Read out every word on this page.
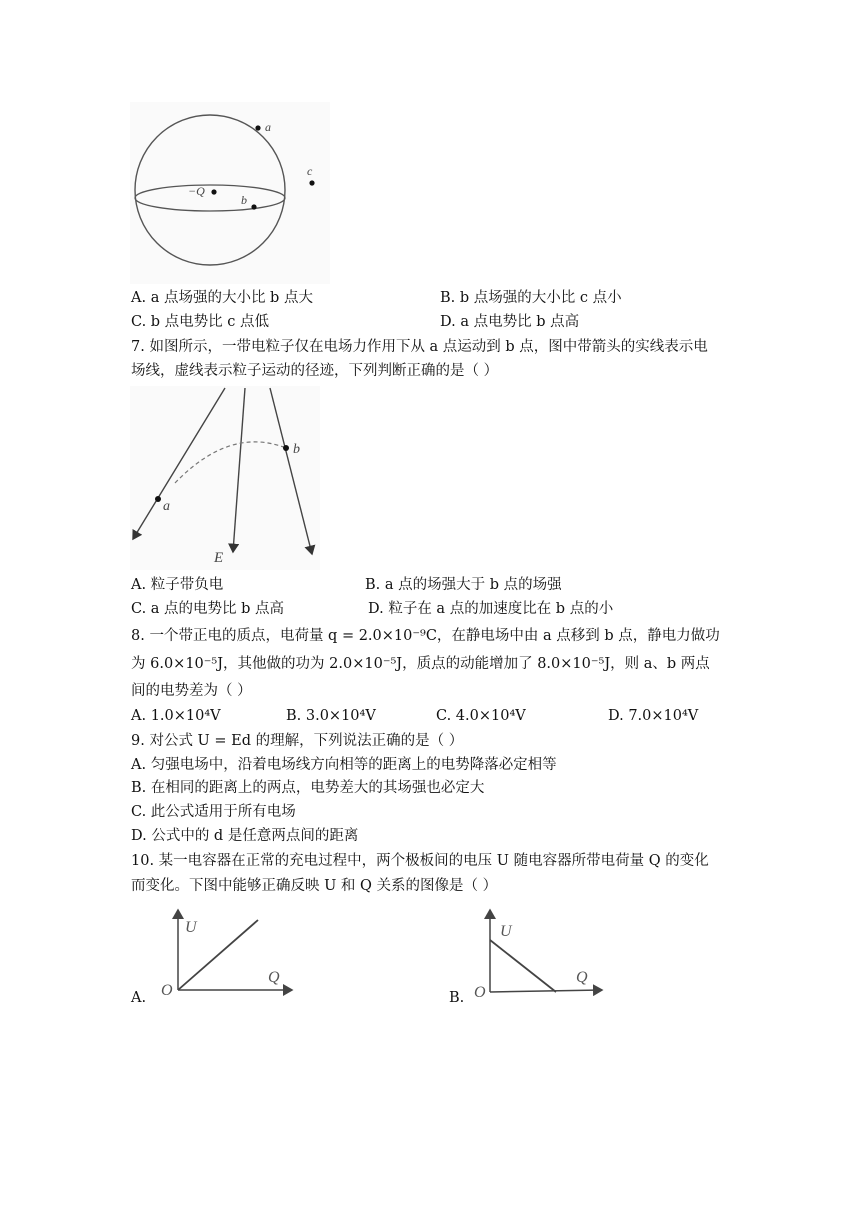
a
−Q
b
c
A. a 点场强的大小比 b 点大	B. b 点场强的大小比 c 点小
C. b 点电势比 c 点低	D. a 点电势比 b 点高
7. 如图所示，一带电粒子仅在电场力作用下从 a 点运动到 b 点，图中带箭头的实线表示电
场线，虚线表示粒子运动的径迹，下列判断正确的是（ ）
a
b
E
A. 粒子带负电	B. a 点的场强大于 b 点的场强
C. a 点的电势比 b 点高	D. 粒子在 a 点的加速度比在 b 点的小
8. 一个带正电的质点，电荷量 q = 2.0×10⁻⁹C，在静电场中由 a 点移到 b 点，静电力做功
为 6.0×10⁻⁵J，其他做的功为 2.0×10⁻⁵J，质点的动能增加了 8.0×10⁻⁵J，则 a、b 两点
间的电势差为（ ）
A. 1.0×10⁴V	B. 3.0×10⁴V	C. 4.0×10⁴V	D. 7.0×10⁴V
9. 对公式 U = Ed 的理解，下列说法正确的是（ ）
A. 匀强电场中，沿着电场线方向相等的距离上的电势降落必定相等
B. 在相同的距离上的两点，电势差大的其场强也必定大
C. 此公式适用于所有电场
D. 公式中的 d 是任意两点间的距离
10. 某一电容器在正常的充电过程中，两个极板间的电压 U 随电容器所带电荷量 Q 的变化
而变化。下图中能够正确反映 U 和 Q 关系的图像是（ ）
A.
U
Q
O	B.
U
Q
O
